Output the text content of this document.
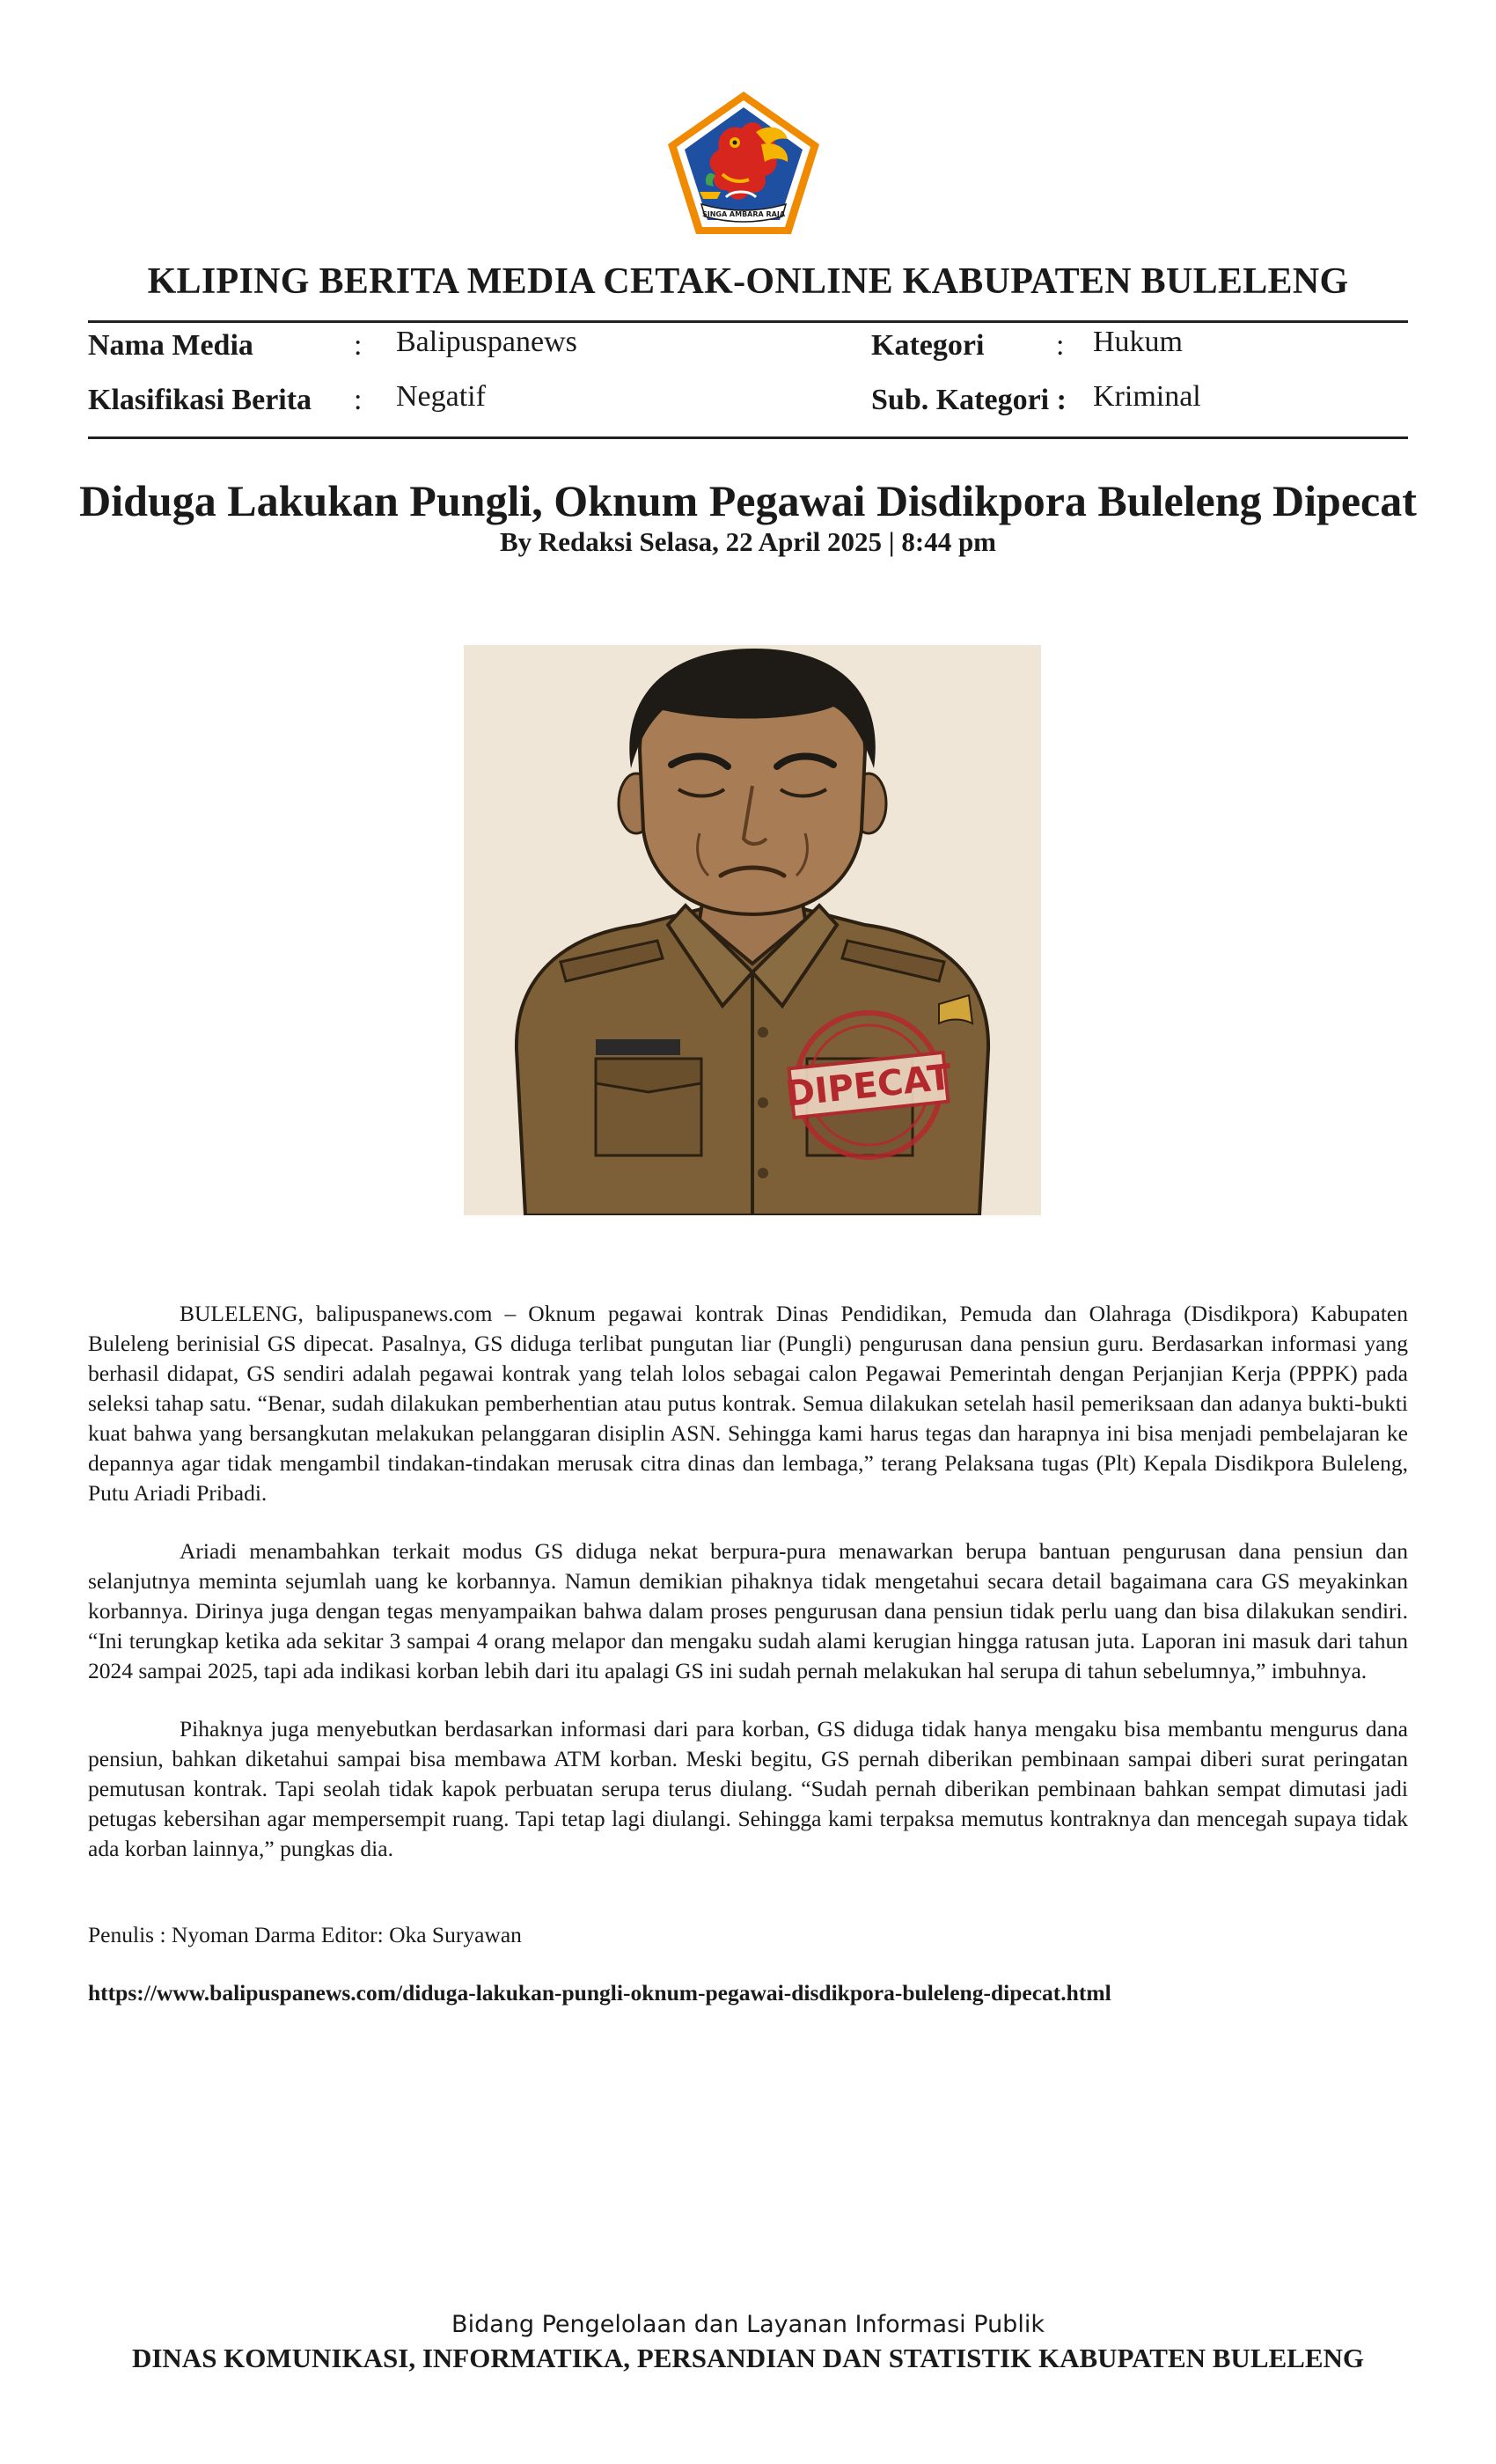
SINGA AMBARA RAJA
KLIPING BERITA MEDIA CETAK-ONLINE KABUPATEN BULELENG
Nama Media	: Balipuspanews	Kategori : Hukum
Klasifikasi Berita : Negatif	Sub. Kategori : Kriminal
Diduga Lakukan Pungli, Oknum Pegawai Disdikpora Buleleng Dipecat
By Redaksi Selasa, 22 April 2025 | 8:44 pm
DIPECAT

BULELENG, balipuspanews.com – Oknum pegawai kontrak Dinas Pendidikan, Pemuda dan Olahraga (Disdikpora) Kabupaten Buleleng berinisial GS dipecat. Pasalnya, GS diduga terlibat pungutan liar (Pungli) pengurusan dana pensiun guru. Berdasarkan informasi yang berhasil didapat, GS sendiri adalah pegawai kontrak yang telah lolos sebagai calon Pegawai Pemerintah dengan Perjanjian Kerja (PPPK) pada seleksi tahap satu. “Benar, sudah dilakukan pemberhentian atau putus kontrak. Semua dilakukan setelah hasil pemeriksaan dan adanya bukti-bukti kuat bahwa yang bersangkutan melakukan pelanggaran disiplin ASN. Sehingga kami harus tegas dan harapnya ini bisa menjadi pembelajaran ke depannya agar tidak mengambil tindakan-tindakan merusak citra dinas dan lembaga,” terang Pelaksana tugas (Plt) Kepala Disdikpora Buleleng, Putu Ariadi Pribadi.

Ariadi menambahkan terkait modus GS diduga nekat berpura-pura menawarkan berupa bantuan pengurusan dana pensiun dan selanjutnya meminta sejumlah uang ke korbannya. Namun demikian pihaknya tidak mengetahui secara detail bagaimana cara GS meyakinkan korbannya. Dirinya juga dengan tegas menyampaikan bahwa dalam proses pengurusan dana pensiun tidak perlu uang dan bisa dilakukan sendiri. “Ini terungkap ketika ada sekitar 3 sampai 4 orang melapor dan mengaku sudah alami kerugian hingga ratusan juta. Laporan ini masuk dari tahun 2024 sampai 2025, tapi ada indikasi korban lebih dari itu apalagi GS ini sudah pernah melakukan hal serupa di tahun sebelumnya,” imbuhnya.

Pihaknya juga menyebutkan berdasarkan informasi dari para korban, GS diduga tidak hanya mengaku bisa membantu mengurus dana pensiun, bahkan diketahui sampai bisa membawa ATM korban. Meski begitu, GS pernah diberikan pembinaan sampai diberi surat peringatan pemutusan kontrak. Tapi seolah tidak kapok perbuatan serupa terus diulang. “Sudah pernah diberikan pembinaan bahkan sempat dimutasi jadi petugas kebersihan agar mempersempit ruang. Tapi tetap lagi diulangi. Sehingga kami terpaksa memutus kontraknya dan mencegah supaya tidak ada korban lainnya,” pungkas dia.

Penulis : Nyoman Darma Editor: Oka Suryawan
https://www.balipuspanews.com/diduga-lakukan-pungli-oknum-pegawai-disdikpora-buleleng-dipecat.html
Bidang Pengelolaan dan Layanan Informasi Publik
DINAS KOMUNIKASI, INFORMATIKA, PERSANDIAN DAN STATISTIK KABUPATEN BULELENG
